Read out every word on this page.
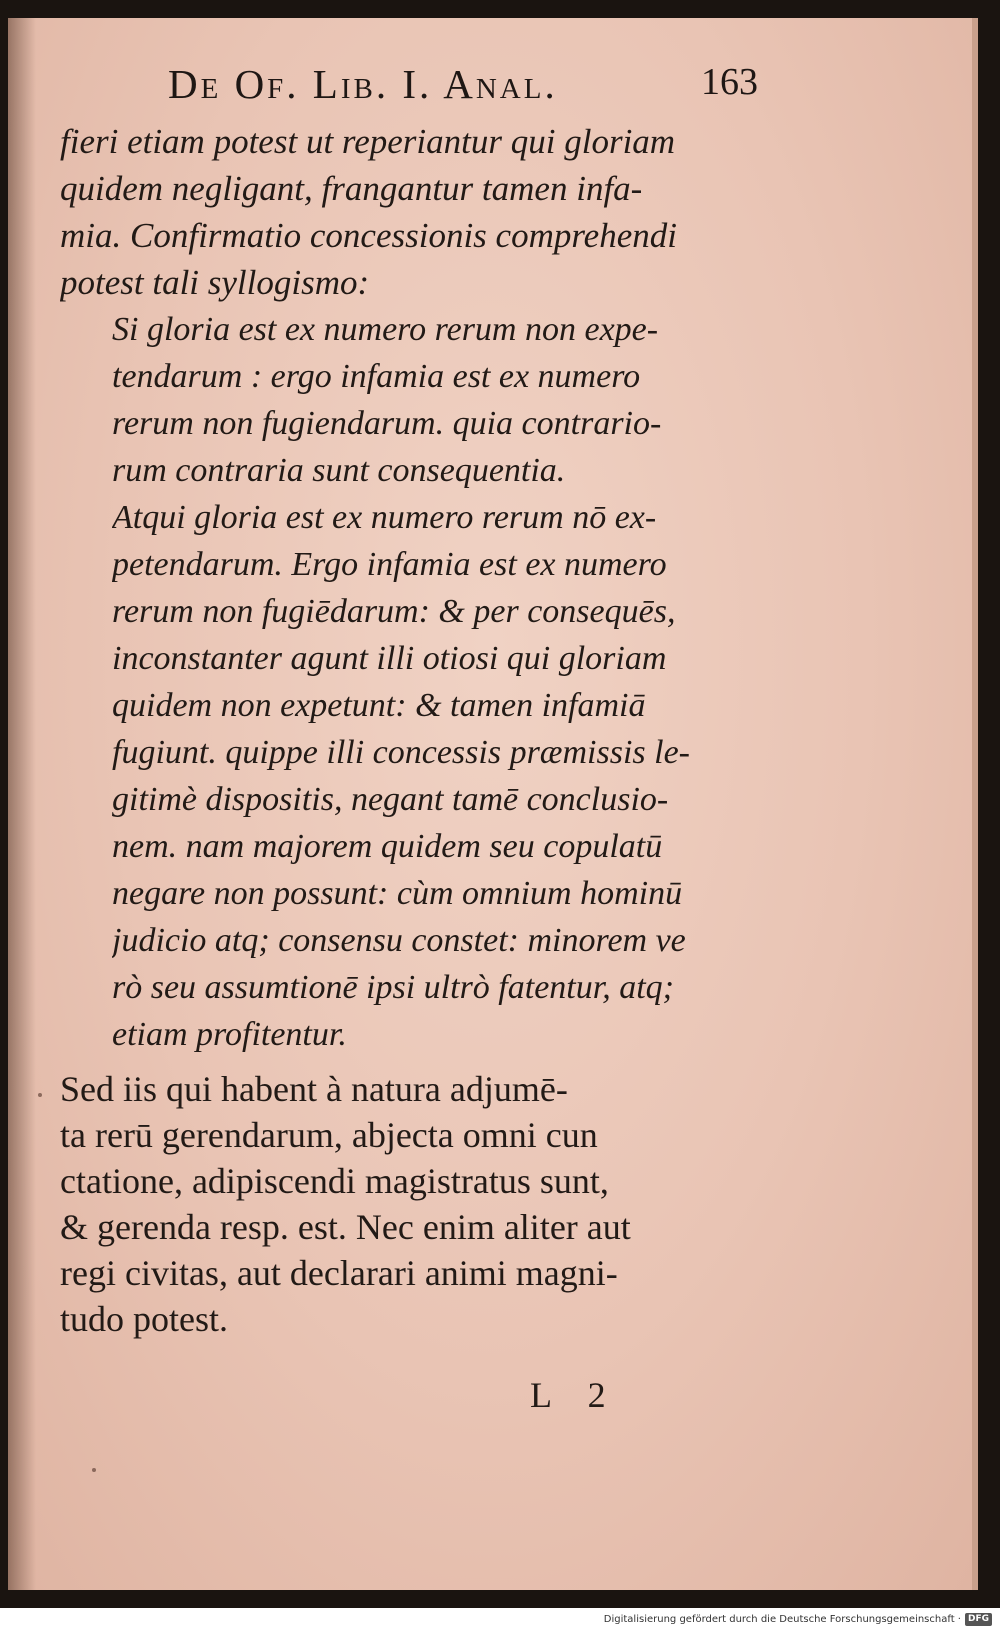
De Of. Lib. I. Anal.	163
fieri etiam potest ut reperiantur qui gloriam
quidem negligant, frangantur tamen infa-
mia. Confirmatio concessionis comprehendi
potest tali syllogismo:
Si gloria est ex numero rerum non expe-
tendarum : ergo infamia est ex numero
rerum non fugiendarum. quia contrario-
rum contraria sunt consequentia.
Atqui gloria est ex numero rerum nō ex-
petendarum. Ergo infamia est ex numero
rerum non fugiēdarum: & per consequēs,
inconstanter agunt illi otiosi qui gloriam
quidem non expetunt: & tamen infamiā
fugiunt. quippe illi concessis præmissis le-
gitimè dispositis, negant tamē conclusio-
nem. nam majorem quidem seu copulatū
negare non possunt: cùm omnium hominū
judicio atq; consensu constet: minorem ve
rò seu assumtionē ipsi ultrò fatentur, atq;
etiam profitentur.
Sed iis qui habent à natura adjumē-
ta rerū gerendarum, abjecta omni cun
ctatione, adipiscendi magistratus sunt,
& gerenda resp. est. Nec enim aliter aut
regi civitas, aut declarari animi magni-
tudo potest.
L 2
Digitalisierung gefördert durch die Deutsche Forschungsgemeinschaft · DFG
